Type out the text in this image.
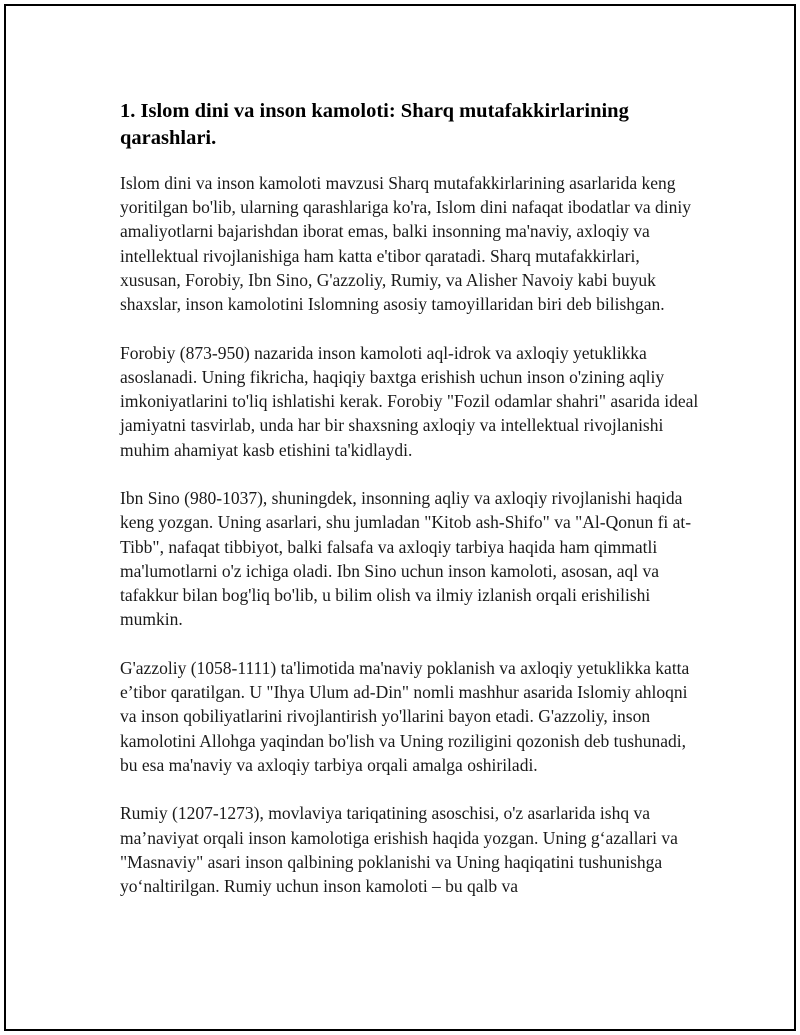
1. Islom dini va inson kamoloti: Sharq mutafakkirlarining qarashlari.

Islom dini va inson kamoloti mavzusi Sharq mutafakkirlarining asarlarida keng yoritilgan bo'lib, ularning qarashlariga ko'ra, Islom dini nafaqat ibodatlar va diniy amaliyotlarni bajarishdan iborat emas, balki insonning ma'naviy, axloqiy va intellektual rivojlanishiga ham katta e'tibor qaratadi. Sharq mutafakkirlari, xususan, Forobiy, Ibn Sino, G'azzoliy, Rumiy, va Alisher Navoiy kabi buyuk shaxslar, inson kamolotini Islomning asosiy tamoyillaridan biri deb bilishgan.

Forobiy (873-950) nazarida inson kamoloti aql-idrok va axloqiy yetuklikka asoslanadi. Uning fikricha, haqiqiy baxtga erishish uchun inson o'zining aqliy imkoniyatlarini to'liq ishlatishi kerak. Forobiy "Fozil odamlar shahri" asarida ideal jamiyatni tasvirlab, unda har bir shaxsning axloqiy va intellektual rivojlanishi muhim ahamiyat kasb etishini ta'kidlaydi.

Ibn Sino (980-1037), shuningdek, insonning aqliy va axloqiy rivojlanishi haqida keng yozgan. Uning asarlari, shu jumladan "Kitob ash-Shifo" va "Al-Qonun fi at-Tibb", nafaqat tibbiyot, balki falsafa va axloqiy tarbiya haqida ham qimmatli ma'lumotlarni o'z ichiga oladi. Ibn Sino uchun inson kamoloti, asosan, aql va tafakkur bilan bog'liq bo'lib, u bilim olish va ilmiy izlanish orqali erishilishi mumkin.

G'azzoliy (1058-1111) ta'limotida ma'naviy poklanish va axloqiy yetuklikka katta e’tibor qaratilgan. U "Ihya Ulum ad-Din" nomli mashhur asarida Islomiy ahloqni va inson qobiliyatlarini rivojlantirish yo'llarini bayon etadi. G'azzoliy, inson kamolotini Allohga yaqindan bo'lish va Uning roziligini qozonish deb tushunadi, bu esa ma'naviy va axloqiy tarbiya orqali amalga oshiriladi.

Rumiy (1207-1273), movlaviya tariqatining asoschisi, o'z asarlarida ishq va ma’naviyat orqali inson kamolotiga erishish haqida yozgan. Uning g‘azallari va "Masnaviy" asari inson qalbining poklanishi va Uning haqiqatini tushunishga yo‘naltirilgan. Rumiy uchun inson kamoloti – bu qalb va
